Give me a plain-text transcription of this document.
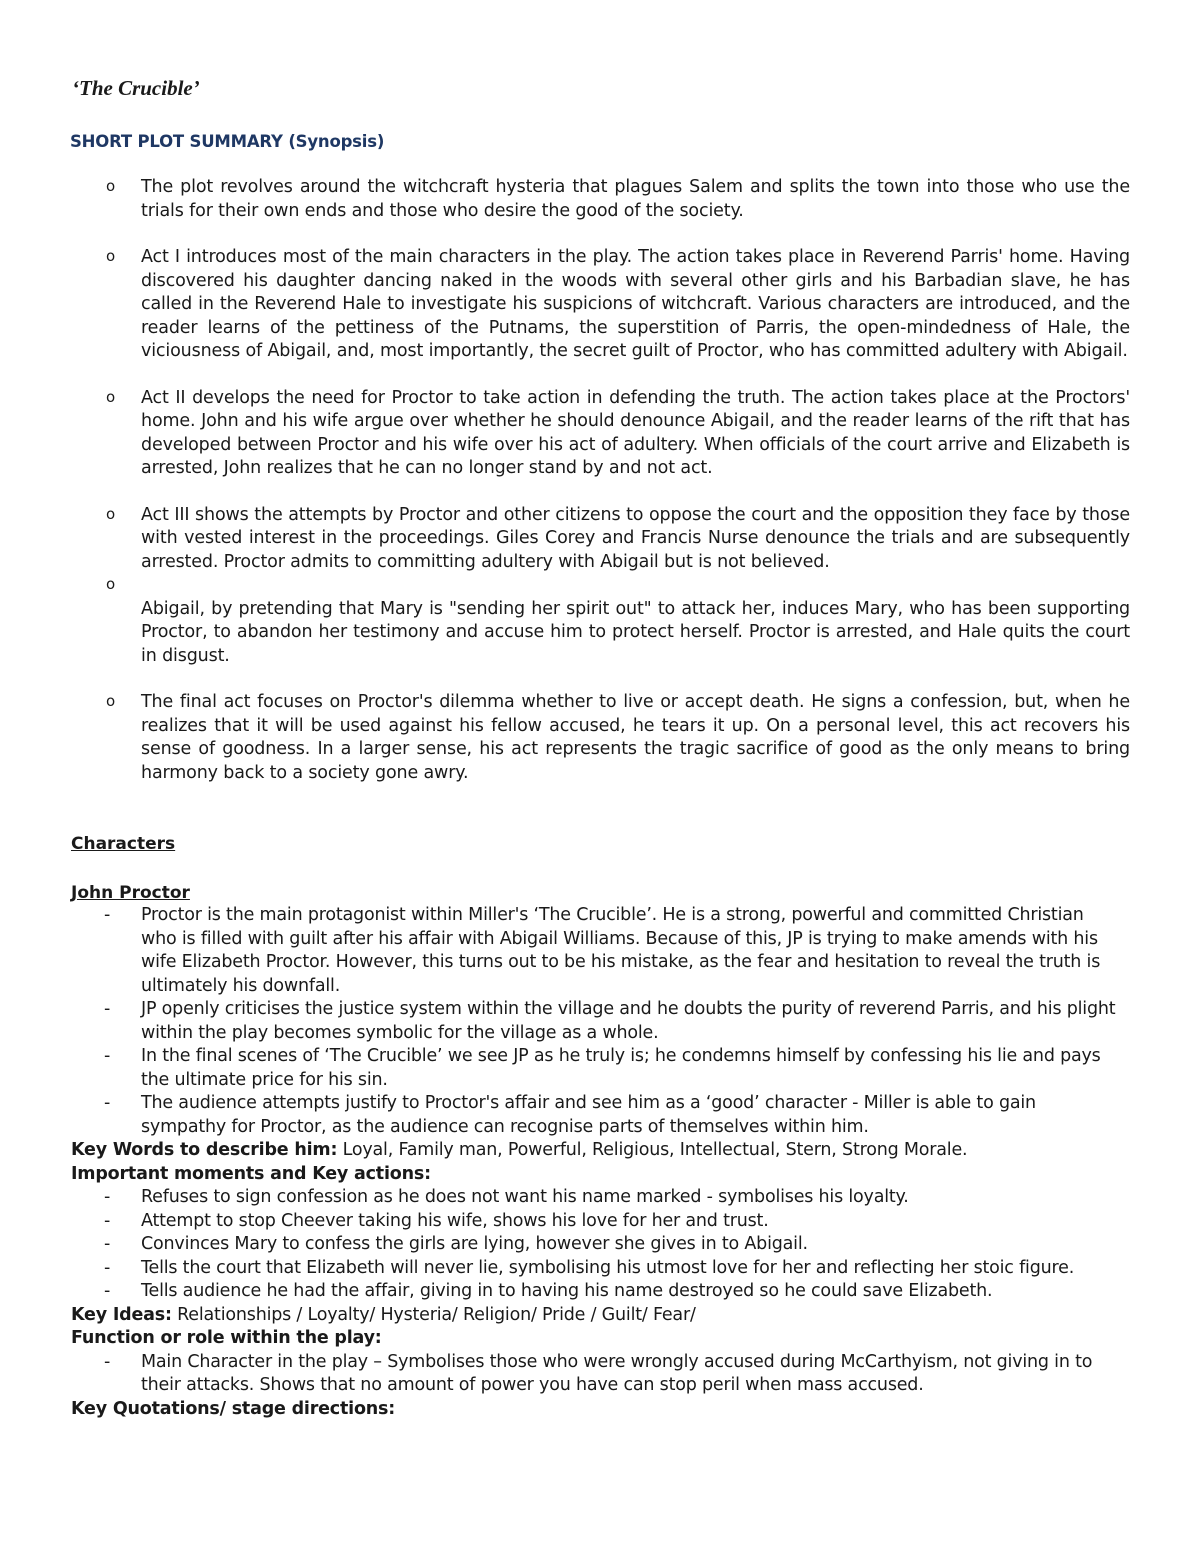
‘The Crucible’
SHORT PLOT SUMMARY (Synopsis)
o The plot revolves around the witchcraft hysteria that plagues Salem and splits the town into those who use the trials for their own ends and those who desire the good of the society.
o Act I introduces most of the main characters in the play. The action takes place in Reverend Parris' home. Having discovered his daughter dancing naked in the woods with several other girls and his Barbadian slave, he has called in the Reverend Hale to investigate his suspicions of witchcraft. Various characters are introduced, and the reader learns of the pettiness of the Putnams, the superstition of Parris, the open-mindedness of Hale, the viciousness of Abigail, and, most importantly, the secret guilt of Proctor, who has committed adultery with Abigail.
o Act II develops the need for Proctor to take action in defending the truth. The action takes place at the Proctors' home. John and his wife argue over whether he should denounce Abigail, and the reader learns of the rift that has developed between Proctor and his wife over his act of adultery. When officials of the court arrive and Elizabeth is arrested, John realizes that he can no longer stand by and not act.
o Act III shows the attempts by Proctor and other citizens to oppose the court and the opposition they face by those with vested interest in the proceedings. Giles Corey and Francis Nurse denounce the trials and are subsequently arrested. Proctor admits to committing adultery with Abigail but is not believed.
o
Abigail, by pretending that Mary is "sending her spirit out" to attack her, induces Mary, who has been supporting Proctor, to abandon her testimony and accuse him to protect herself. Proctor is arrested, and Hale quits the court in disgust.
o The final act focuses on Proctor's dilemma whether to live or accept death. He signs a confession, but, when he realizes that it will be used against his fellow accused, he tears it up. On a personal level, this act recovers his sense of goodness. In a larger sense, his act represents the tragic sacrifice of good as the only means to bring harmony back to a society gone awry.
Characters
John Proctor
- Proctor is the main protagonist within Miller's ‘The Crucible’. He is a strong, powerful and committed Christian who is filled with guilt after his affair with Abigail Williams. Because of this, JP is trying to make amends with his wife Elizabeth Proctor. However, this turns out to be his mistake, as the fear and hesitation to reveal the truth is ultimately his downfall.
- JP openly criticises the justice system within the village and he doubts the purity of reverend Parris, and his plight within the play becomes symbolic for the village as a whole.
- In the final scenes of ‘The Crucible’ we see JP as he truly is; he condemns himself by confessing his lie and pays the ultimate price for his sin.
- The audience attempts justify to Proctor's affair and see him as a ‘good’ character - Miller is able to gain sympathy for Proctor, as the audience can recognise parts of themselves within him.

Key Words to describe him: Loyal, Family man, Powerful, Religious, Intellectual, Stern, Strong Morale.

Important moments and Key actions:

- Refuses to sign confession as he does not want his name marked - symbolises his loyalty.
- Attempt to stop Cheever taking his wife, shows his love for her and trust.
- Convinces Mary to confess the girls are lying, however she gives in to Abigail.
- Tells the court that Elizabeth will never lie, symbolising his utmost love for her and reflecting her stoic figure.
- Tells audience he had the affair, giving in to having his name destroyed so he could save Elizabeth.

Key Ideas: Relationships / Loyalty/ Hysteria/ Religion/ Pride / Guilt/ Fear/

Function or role within the play:

- Main Character in the play – Symbolises those who were wrongly accused during McCarthyism, not giving in to their attacks. Shows that no amount of power you have can stop peril when mass accused.

Key Quotations/ stage directions:
